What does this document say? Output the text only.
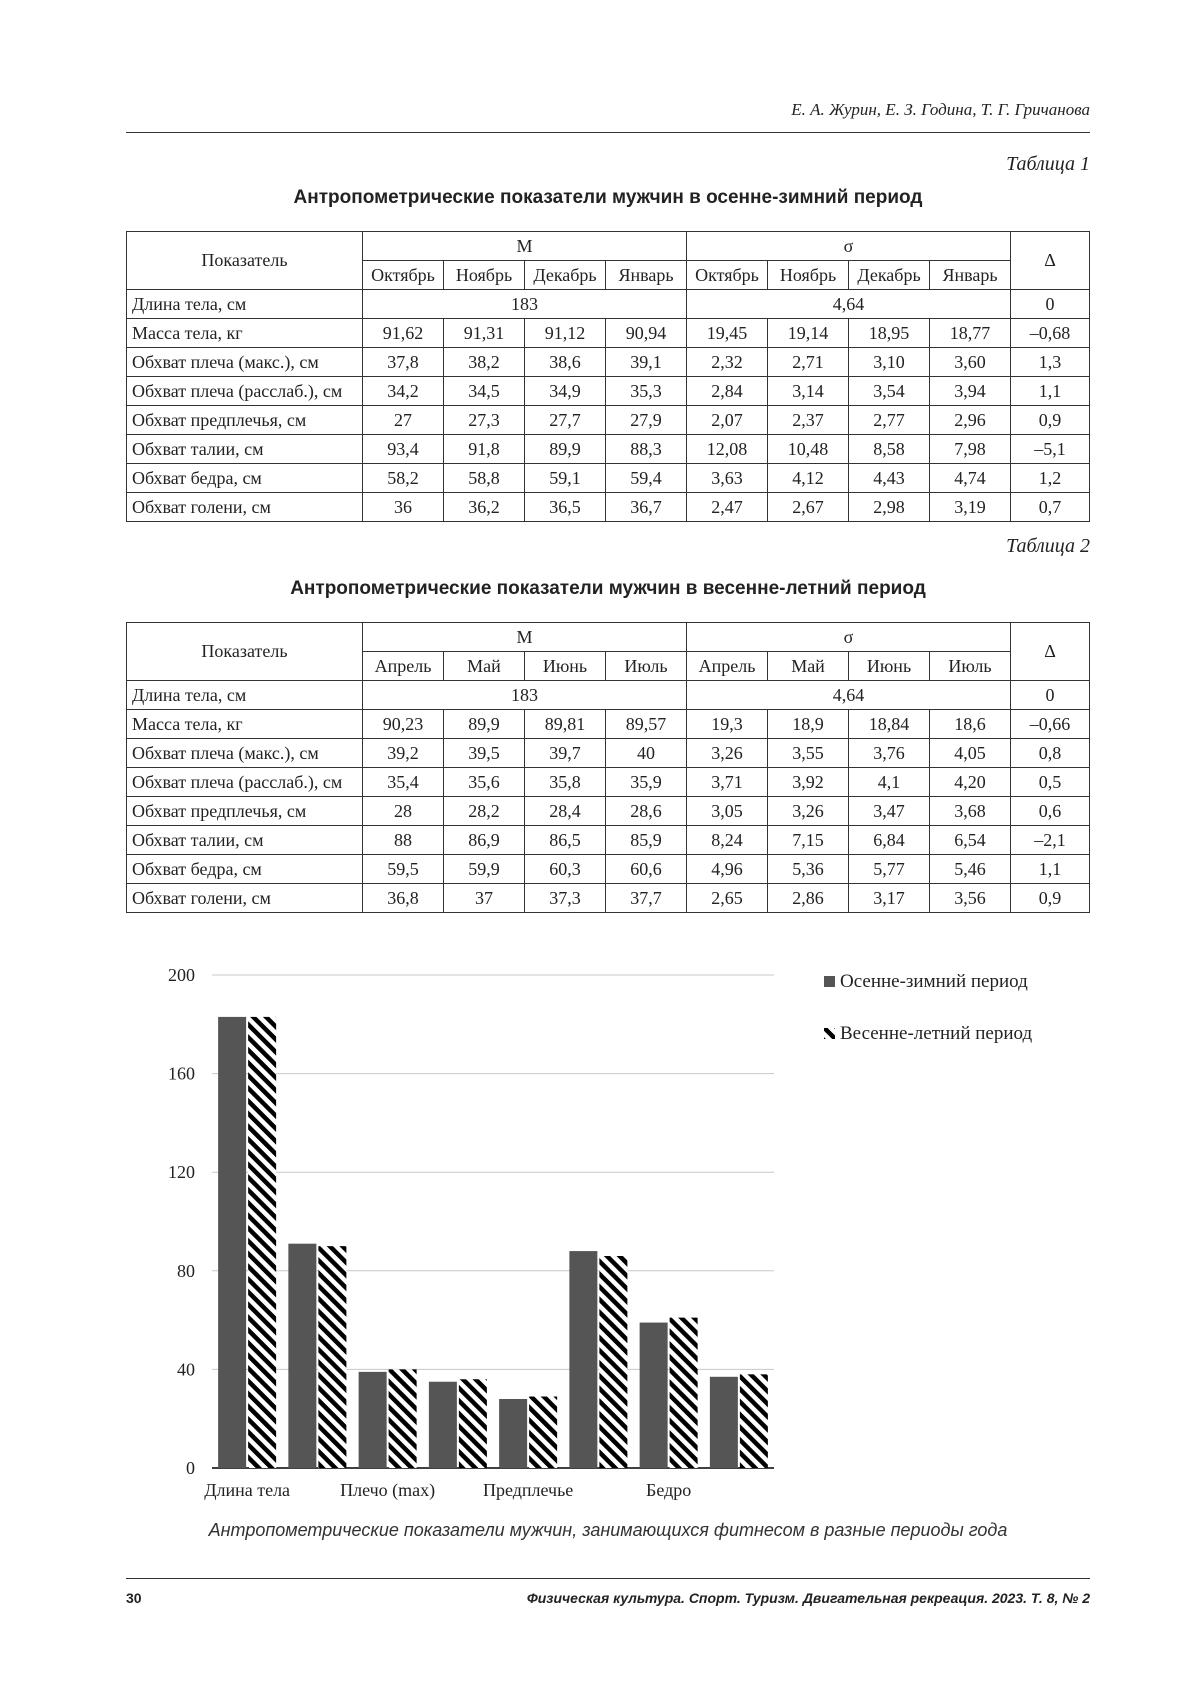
Е. А. Журин, Е. З. Година, Т. Г. Гричанова
Таблица 1
Антропометрические показатели мужчин в осенне-зимний период
Показатель	М				σ				Δ
	Октябрь	Ноябрь	Декабрь	Январь	Октябрь	Ноябрь	Декабрь	Январь	
Длина тела, см	183				4,64				0
Масса тела, кг	91,62	91,31	91,12	90,94	19,45	19,14	18,95	18,77	–0,68
Обхват плеча (макс.), см	37,8	38,2	38,6	39,1	2,32	2,71	3,10	3,60	1,3
Обхват плеча (расслаб.), см	34,2	34,5	34,9	35,3	2,84	3,14	3,54	3,94	1,1
Обхват предплечья, см	27	27,3	27,7	27,9	2,07	2,37	2,77	2,96	0,9
Обхват талии, см	93,4	91,8	89,9	88,3	12,08	10,48	8,58	7,98	–5,1
Обхват бедра, см	58,2	58,8	59,1	59,4	3,63	4,12	4,43	4,74	1,2
Обхват голени, см	36	36,2	36,5	36,7	2,47	2,67	2,98	3,19	0,7
Таблица 2
Антропометрические показатели мужчин в весенне-летний период
Показатель	М				σ				Δ
	Апрель	Май	Июнь	Июль	Апрель	Май	Июнь	Июль	
Длина тела, см	183				4,64				0
Масса тела, кг	90,23	89,9	89,81	89,57	19,3	18,9	18,84	18,6	–0,66
Обхват плеча (макс.), см	39,2	39,5	39,7	40	3,26	3,55	3,76	4,05	0,8
Обхват плеча (расслаб.), см	35,4	35,6	35,8	35,9	3,71	3,92	4,1	4,20	0,5
Обхват предплечья, см	28	28,2	28,4	28,6	3,05	3,26	3,47	3,68	0,6
Обхват талии, см	88	86,9	86,5	85,9	8,24	7,15	6,84	6,54	–2,1
Обхват бедра, см	59,5	59,9	60,3	60,6	4,96	5,36	5,77	5,46	1,1
Обхват голени, см	36,8	37	37,3	37,7	2,65	2,86	3,17	3,56	0,9
0
40
80
120
160
200
Длина тела	Плечо (max)	Предплечье	Бедро
Осенне-зимний период
Весенне-летний период
Антропометрические показатели мужчин, занимающихся фитнесом в разные периоды года
30	Физическая культура. Спорт. Туризм. Двигательная рекреация. 2023. Т. 8, № 2
